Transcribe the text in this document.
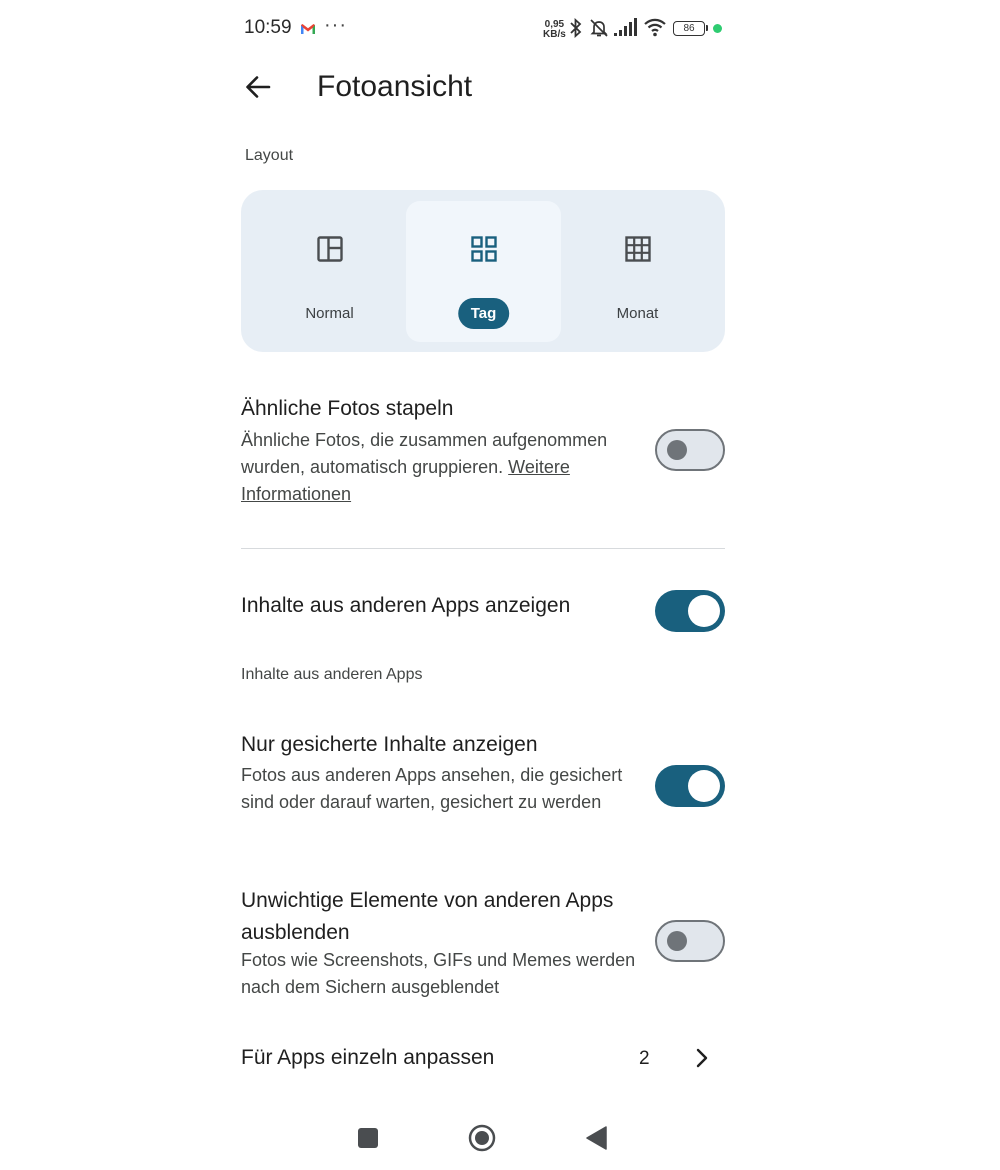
10:59 ···	0,95
KB/s
86
Fotoansicht
Layout
Normal	Tag	Monat
Ähnliche Fotos stapeln
Ähnliche Fotos, die zusammen aufgenommen wurden, automatisch gruppieren. Weitere Informationen
Inhalte aus anderen Apps anzeigen
Inhalte aus anderen Apps
Nur gesicherte Inhalte anzeigen
Fotos aus anderen Apps ansehen, die gesichert sind oder darauf warten, gesichert zu werden
Unwichtige Elemente von anderen Apps ausblenden
Fotos wie Screenshots, GIFs und Memes werden nach dem Sichern ausgeblendet
Für Apps einzeln anpassen	2
